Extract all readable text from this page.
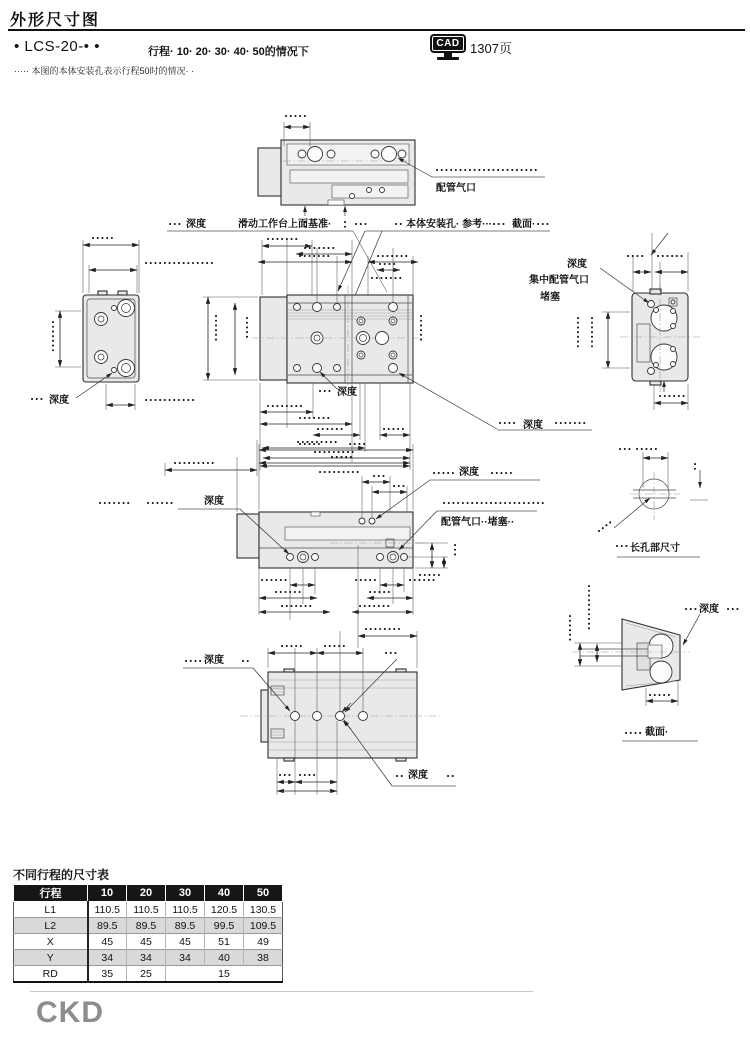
外形尺寸图
• LCS-20-• •	行程· 10· 20· 30· 40· 50的情况下
CAD 1307页
····· 本图的本体安装孔表示行程50时的情况· ·
配管气口
深度	滑动工作台上面基准·	本体安装孔· 参考··· 截面·
深度
深度
深度
深度
集中配管气口
堵塞
深度
深度
配管气口··堵塞··
长孔部尺寸
深度
截面·
深度
深度
不同行程的尺寸表
行程	10	20	30	40	50
L1	110.5	110.5	110.5	120.5	130.5
L2	89.5	89.5	89.5	99.5	109.5
X	45	45	45	51	49
Y	34	34	34	40	38
RD	35	25	15		
CKD
